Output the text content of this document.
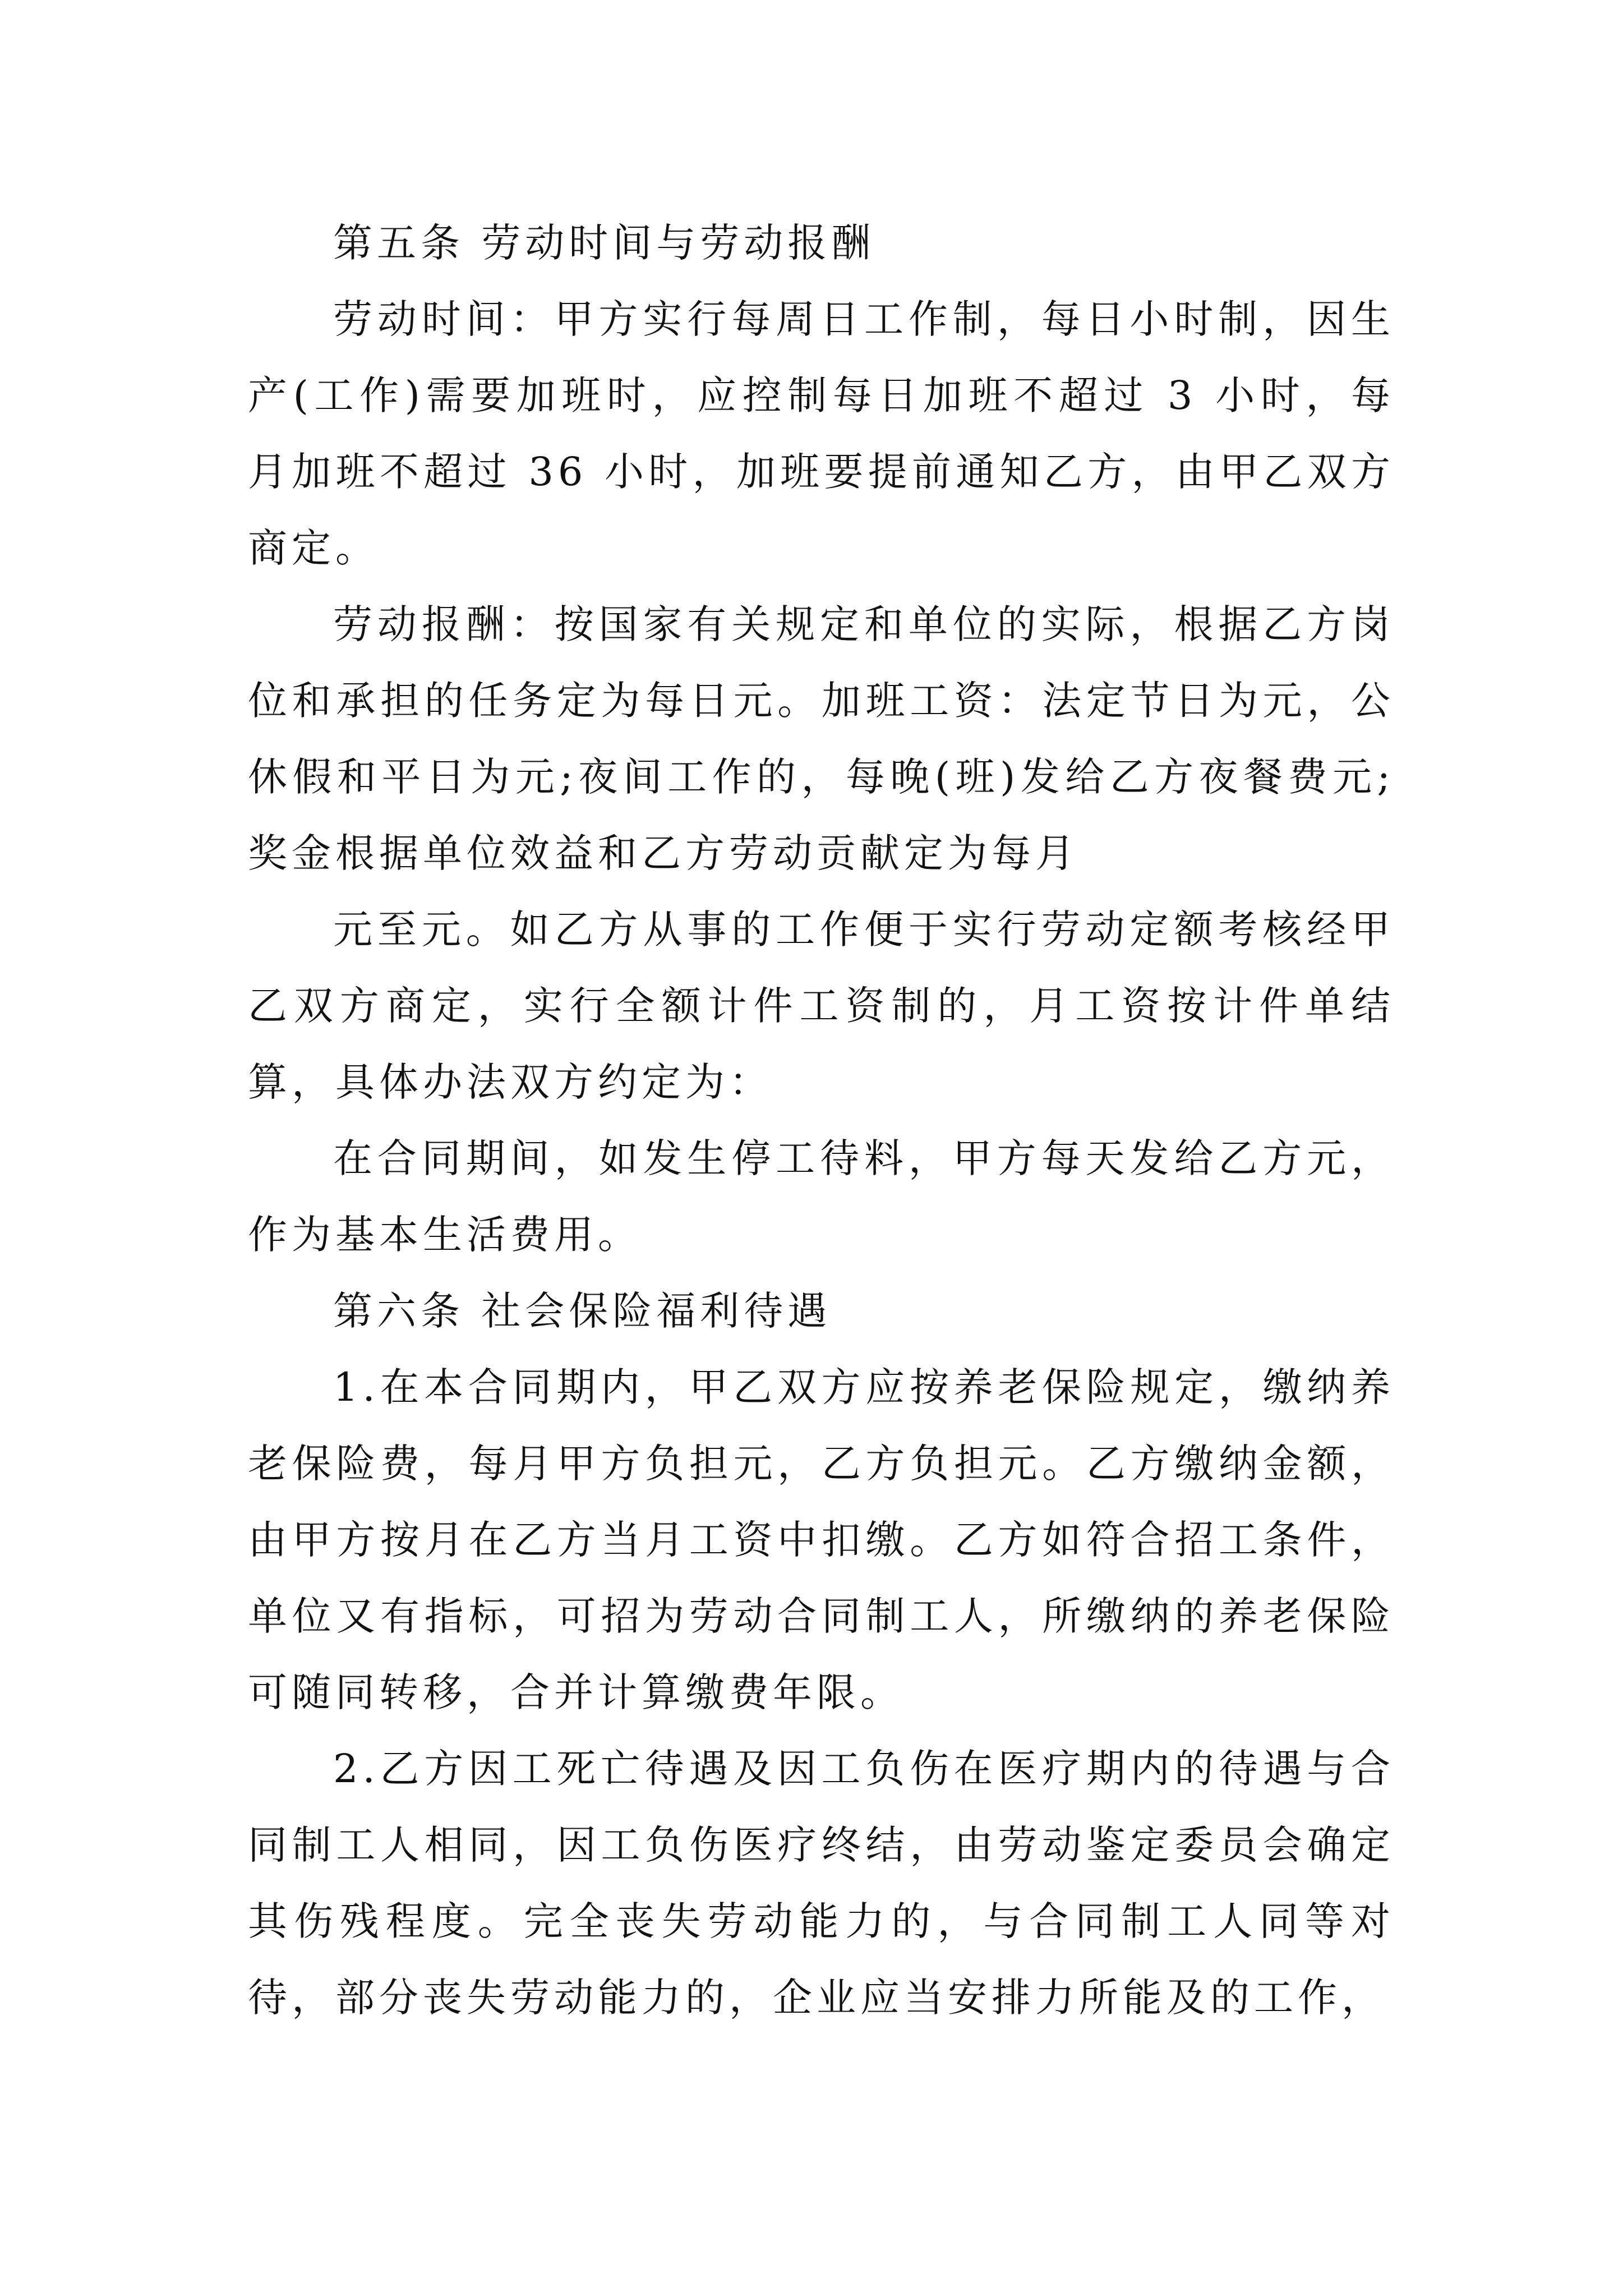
第五条 劳动时间与劳动报酬

劳动时间：甲方实行每周日工作制，每日小时制，因生产(工作)需要加班时，应控制每日加班不超过 3 小时，每月加班不超过 36 小时，加班要提前通知乙方，由甲乙双方商定。

劳动报酬：按国家有关规定和单位的实际，根据乙方岗位和承担的任务定为每日元。加班工资：法定节日为元，公休假和平日为元;夜间工作的，每晚(班)发给乙方夜餐费元;奖金根据单位效益和乙方劳动贡献定为每月

元至元。如乙方从事的工作便于实行劳动定额考核经甲乙双方商定，实行全额计件工资制的，月工资按计件单结算，具体办法双方约定为：

在合同期间，如发生停工待料，甲方每天发给乙方元，作为基本生活费用。

第六条 社会保险福利待遇

1.在本合同期内，甲乙双方应按养老保险规定，缴纳养老保险费，每月甲方负担元，乙方负担元。乙方缴纳金额，由甲方按月在乙方当月工资中扣缴。乙方如符合招工条件，单位又有指标，可招为劳动合同制工人，所缴纳的养老保险可随同转移，合并计算缴费年限。

2.乙方因工死亡待遇及因工负伤在医疗期内的待遇与合同制工人相同，因工负伤医疗终结，由劳动鉴定委员会确定其伤残程度。完全丧失劳动能力的，与合同制工人同等对待，部分丧失劳动能力的，企业应当安排力所能及的工作，
